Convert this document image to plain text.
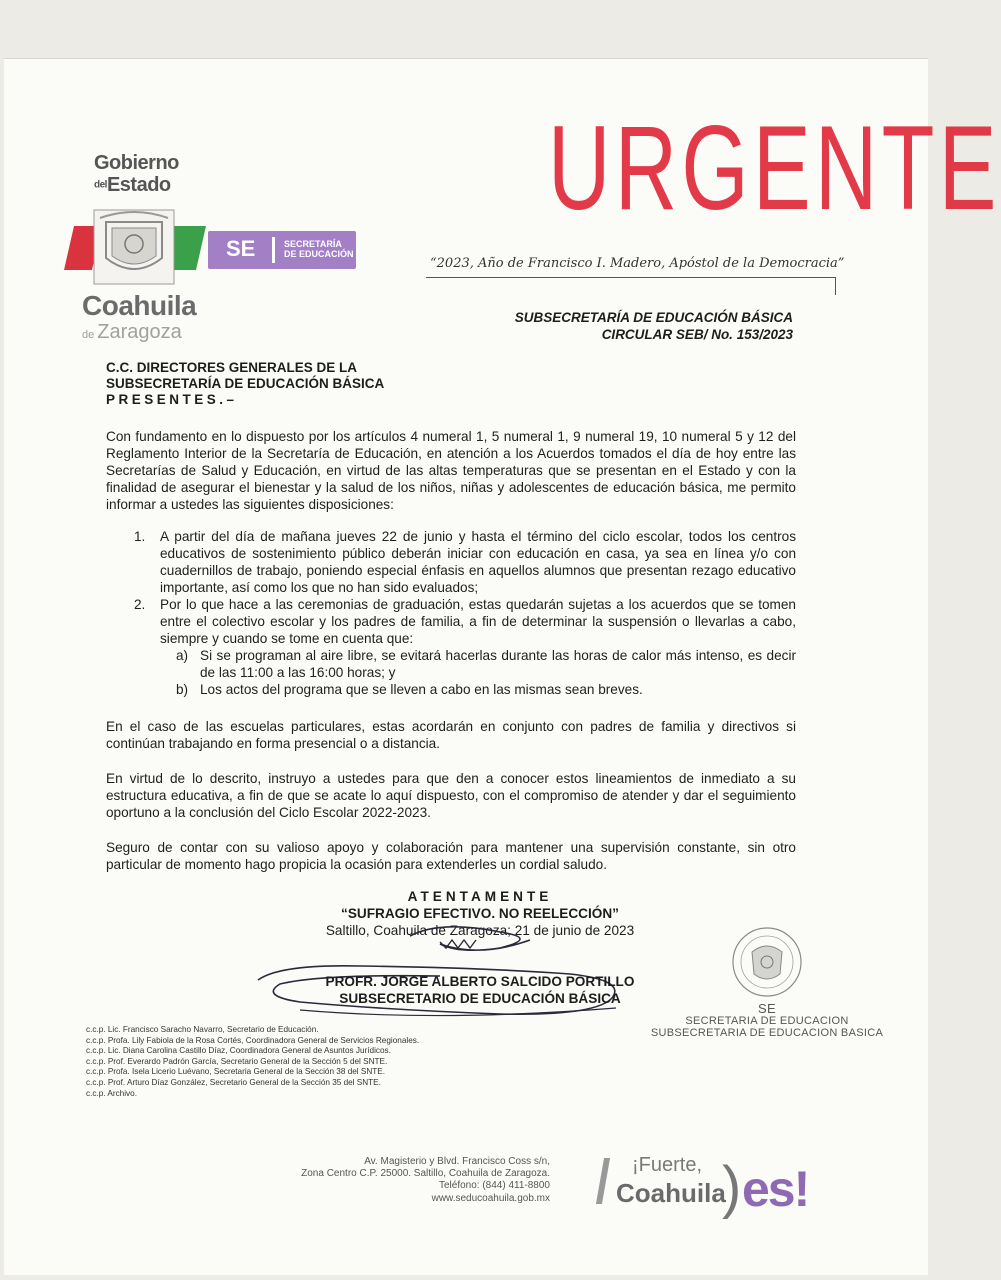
Gobierno
delEstado
SE	SECRETARÍA
DE EDUCACIÓN
Coahuila
de Zaragoza
URGENTE
“2023, Año de Francisco I. Madero, Apóstol de la Democracia”
SUBSECRETARÍA DE EDUCACIÓN BÁSICA
CIRCULAR SEB/ No. 153/2023
C.C. DIRECTORES GENERALES DE LA
SUBSECRETARÍA DE EDUCACIÓN BÁSICA
PRESENTES.–
Con fundamento en lo dispuesto por los artículos 4 numeral 1, 5 numeral 1, 9 numeral 19, 10 numeral 5 y 12 del Reglamento Interior de la Secretaría de Educación, en atención a los Acuerdos tomados el día de hoy entre las Secretarías de Salud y Educación, en virtud de las altas temperaturas que se presentan en el Estado y con la finalidad de asegurar el bienestar y la salud de los niños, niñas y adolescentes de educación básica, me permito informar a ustedes las siguientes disposiciones:
1. A partir del día de mañana jueves 22 de junio y hasta el término del ciclo escolar, todos los centros educativos de sostenimiento público deberán iniciar con educación en casa, ya sea en línea y/o con cuadernillos de trabajo, poniendo especial énfasis en aquellos alumnos que presentan rezago educativo importante, así como los que no han sido evaluados;
2. Por lo que hace a las ceremonias de graduación, estas quedarán sujetas a los acuerdos que se tomen entre el colectivo escolar y los padres de familia, a fin de determinar la suspensión o llevarlas a cabo, siempre y cuando se tome en cuenta que:
a) Si se programan al aire libre, se evitará hacerlas durante las horas de calor más intenso, es decir de las 11:00 a las 16:00 horas; y
b) Los actos del programa que se lleven a cabo en las mismas sean breves.
En el caso de las escuelas particulares, estas acordarán en conjunto con padres de familia y directivos si continúan trabajando en forma presencial o a distancia.
En virtud de lo descrito, instruyo a ustedes para que den a conocer estos lineamientos de inmediato a su estructura educativa, a fin de que se acate lo aquí dispuesto, con el compromiso de atender y dar el seguimiento oportuno a la conclusión del Ciclo Escolar 2022-2023.
Seguro de contar con su valioso apoyo y colaboración para mantener una supervisión constante, sin otro particular de momento hago propicia la ocasión para extenderles un cordial saludo.
ATENTAMENTE
“SUFRAGIO EFECTIVO. NO REELECCIÓN”
Saltillo, Coahuila de Zaragoza; 21 de junio de 2023
PROFR. JORGE ALBERTO SALCIDO PORTILLO
SUBSECRETARIO DE EDUCACIÓN BÁSICA
SE
SECRETARIA DE EDUCACION
SUBSECRETARIA DE EDUCACION BASICA
c.c.p. Lic. Francisco Saracho Navarro, Secretario de Educación.
c.c.p. Profa. Lily Fabiola de la Rosa Cortés, Coordinadora General de Servicios Regionales.
c.c.p. Lic. Diana Carolina Castillo Díaz, Coordinadora General de Asuntos Jurídicos.
c.c.p. Prof. Everardo Padrón García, Secretario General de la Sección 5 del SNTE.
c.c.p. Profa. Isela Licerio Luévano, Secretaria General de la Sección 38 del SNTE.
c.c.p. Prof. Arturo Díaz González, Secretario General de la Sección 35 del SNTE.
c.c.p. Archivo.
Av. Magisterio y Blvd. Francisco Coss s/n,
Zona Centro C.P. 25000. Saltillo, Coahuila de Zaragoza.
Teléfono: (844) 411-8800
www.seducoahuila.gob.mx
¡Fuerte,
Coahuila
) es!
